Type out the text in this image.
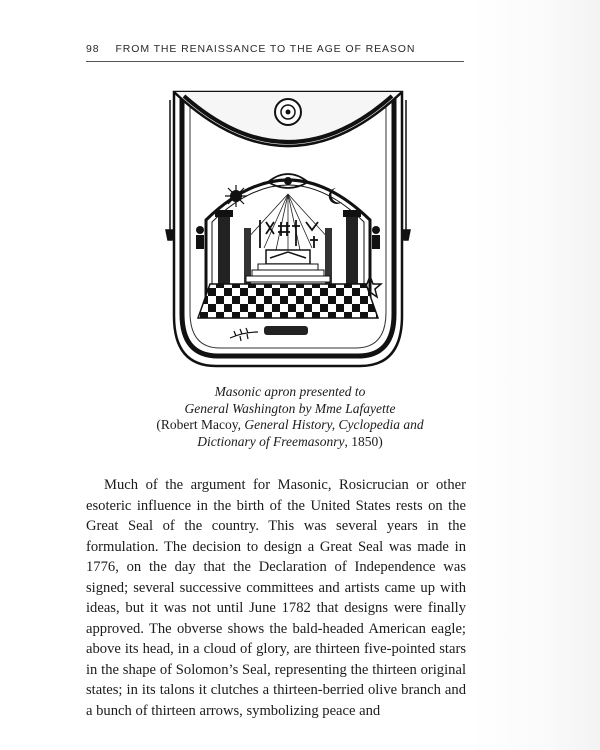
98 FROM THE RENAISSANCE TO THE AGE OF REASON
Masonic apron presented to
General Washington by Mme Lafayette
(Robert Macoy, General History, Cyclopedia and
Dictionary of Freemasonry, 1850)

Much of the argument for Masonic, Rosicrucian or other esoteric influence in the birth of the United States rests on the Great Seal of the country. This was several years in the formulation. The decision to design a Great Seal was made in 1776, on the day that the Declaration of Independence was signed; several successive committees and artists came up with ideas, but it was not until June 1782 that designs were finally approved. The obverse shows the bald-headed American eagle; above its head, in a cloud of glory, are thirteen five-pointed stars in the shape of Solomon’s Seal, representing the thirteen original states; in its talons it clutches a thirteen-berried olive branch and a bunch of thirteen arrows, symbolizing peace and
